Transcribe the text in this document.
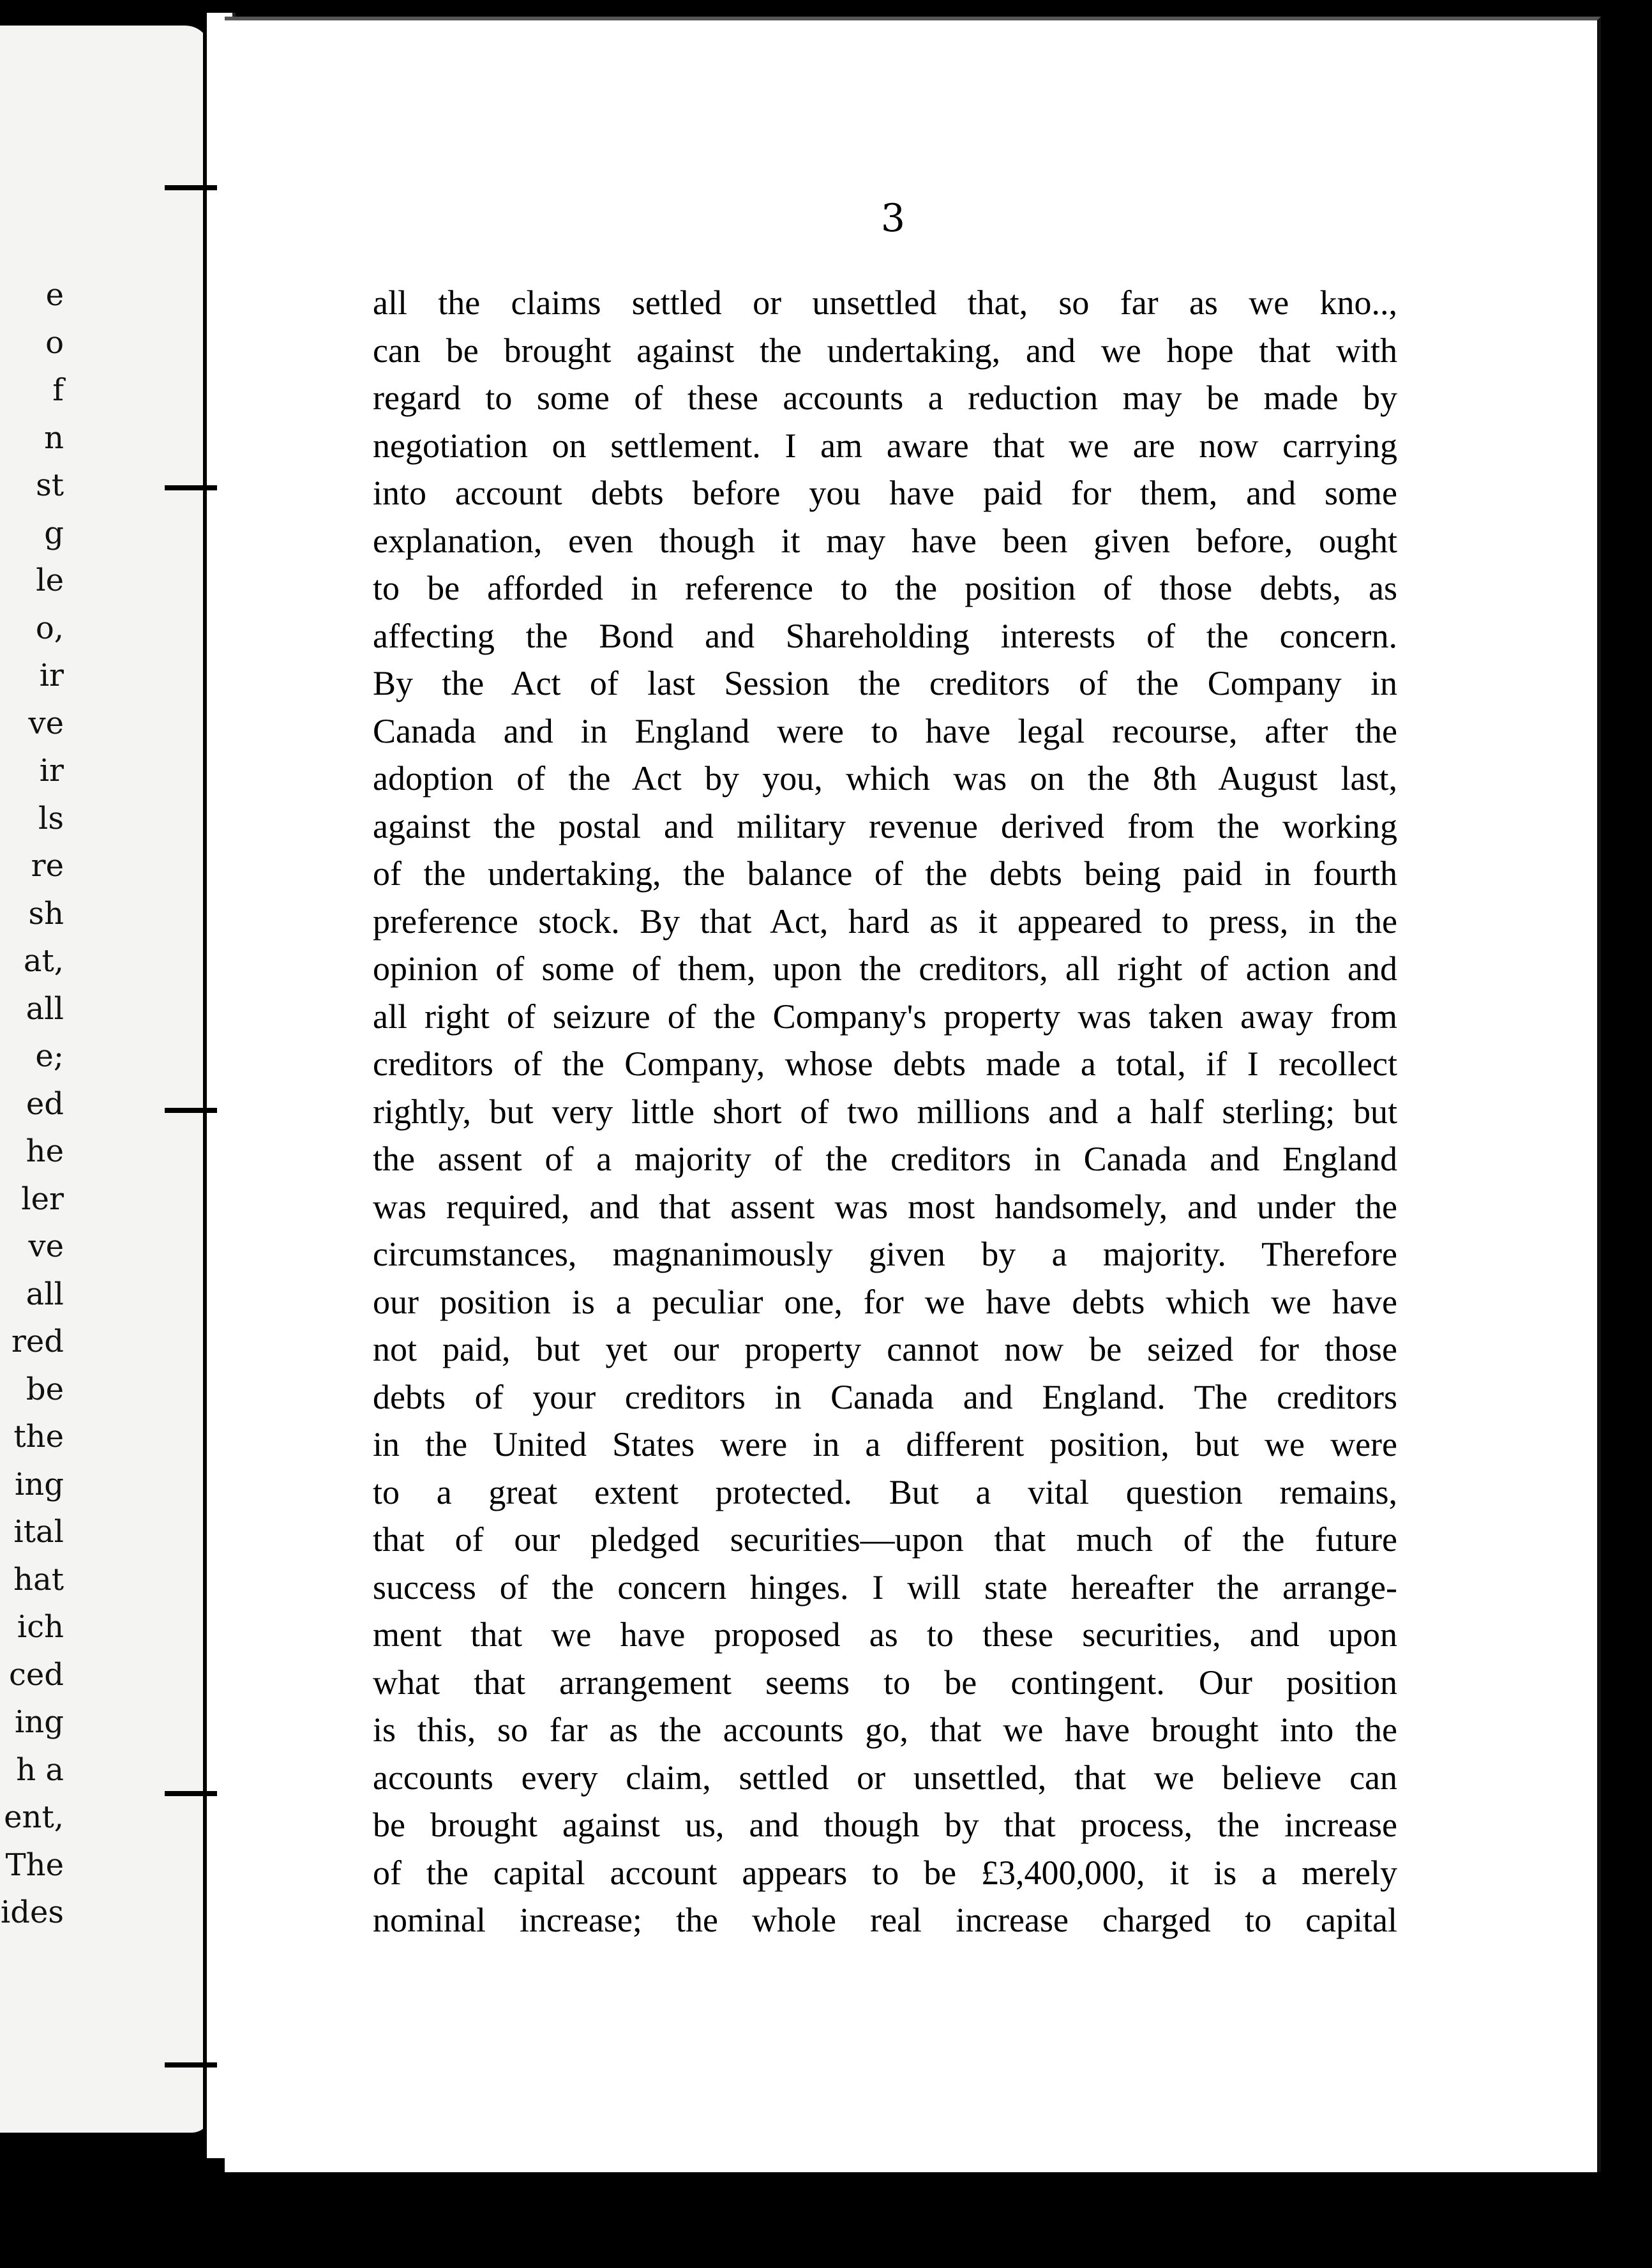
e
o
f
n
st
g
le
o,
ir
ve
ir
ls
re
sh
at,
all
e;
ed
he
ler
ve
all
red
be
the
ing
ital
hat
ich
ced
ing
h a
ent,
The
ides
3
all the claims settled or unsettled that, so far as we kno..,
can be brought against the undertaking, and we hope that with
regard to some of these accounts a reduction may be made by
negotiation on settlement. I am aware that we are now carrying
into account debts before you have paid for them, and some
explanation, even though it may have been given before, ought
to be afforded in reference to the position of those debts, as
affecting the Bond and Shareholding interests of the concern.
By the Act of last Session the creditors of the Company in
Canada and in England were to have legal recourse, after the
adoption of the Act by you, which was on the 8th August last,
against the postal and military revenue derived from the working
of the undertaking, the balance of the debts being paid in fourth
preference stock. By that Act, hard as it appeared to press, in the
opinion of some of them, upon the creditors, all right of action and
all right of seizure of the Company's property was taken away from
creditors of the Company, whose debts made a total, if I recollect
rightly, but very little short of two millions and a half sterling; but
the assent of a majority of the creditors in Canada and England
was required, and that assent was most handsomely, and under the
circumstances, magnanimously given by a majority. Therefore
our position is a peculiar one, for we have debts which we have
not paid, but yet our property cannot now be seized for those
debts of your creditors in Canada and England. The creditors
in the United States were in a different position, but we were
to a great extent protected. But a vital question remains,
that of our pledged securities—upon that much of the future
success of the concern hinges. I will state hereafter the arrange-
ment that we have proposed as to these securities, and upon
what that arrangement seems to be contingent. Our position
is this, so far as the accounts go, that we have brought into the
accounts every claim, settled or unsettled, that we believe can
be brought against us, and though by that process, the increase
of the capital account appears to be £3,400,000, it is a merely
nominal increase; the whole real increase charged to capital
